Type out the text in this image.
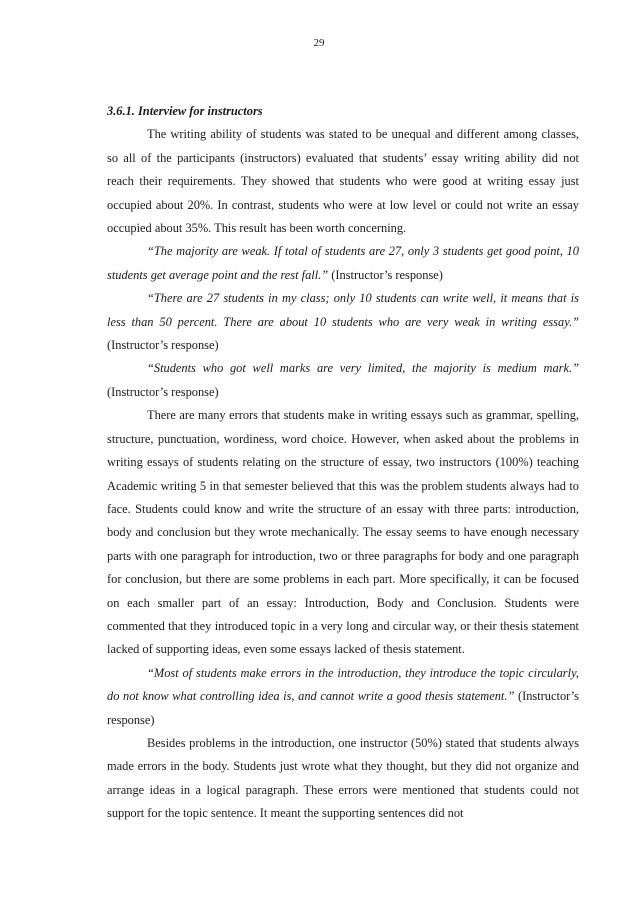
29
3.6.1. Interview for instructors

The writing ability of students was stated to be unequal and different among classes, so all of the participants (instructors) evaluated that students’ essay writing ability did not reach their requirements. They showed that students who were good at writing essay just occupied about 20%. In contrast, students who were at low level or could not write an essay occupied about 35%. This result has been worth concerning.

“The majority are weak. If total of students are 27, only 3 students get good point, 10 students get average point and the rest fall.” (Instructor’s response)

“There are 27 students in my class; only 10 students can write well, it means that is less than 50 percent. There are about 10 students who are very weak in writing essay.” (Instructor’s response)

“Students who got well marks are very limited, the majority is medium mark.” (Instructor’s response)

There are many errors that students make in writing essays such as grammar, spelling, structure, punctuation, wordiness, word choice. However, when asked about the problems in writing essays of students relating on the structure of essay, two instructors (100%) teaching Academic writing 5 in that semester believed that this was the problem students always had to face. Students could know and write the structure of an essay with three parts: introduction, body and conclusion but they wrote mechanically. The essay seems to have enough necessary parts with one paragraph for introduction, two or three paragraphs for body and one paragraph for conclusion, but there are some problems in each part. More specifically, it can be focused on each smaller part of an essay: Introduction, Body and Conclusion. Students were commented that they introduced topic in a very long and circular way, or their thesis statement lacked of supporting ideas, even some essays lacked of thesis statement.

“Most of students make errors in the introduction, they introduce the topic circularly, do not know what controlling idea is, and cannot write a good thesis statement.” (Instructor’s response)

Besides problems in the introduction, one instructor (50%) stated that students always made errors in the body. Students just wrote what they thought, but they did not organize and arrange ideas in a logical paragraph. These errors were mentioned that students could not support for the topic sentence. It meant the supporting sentences did not
